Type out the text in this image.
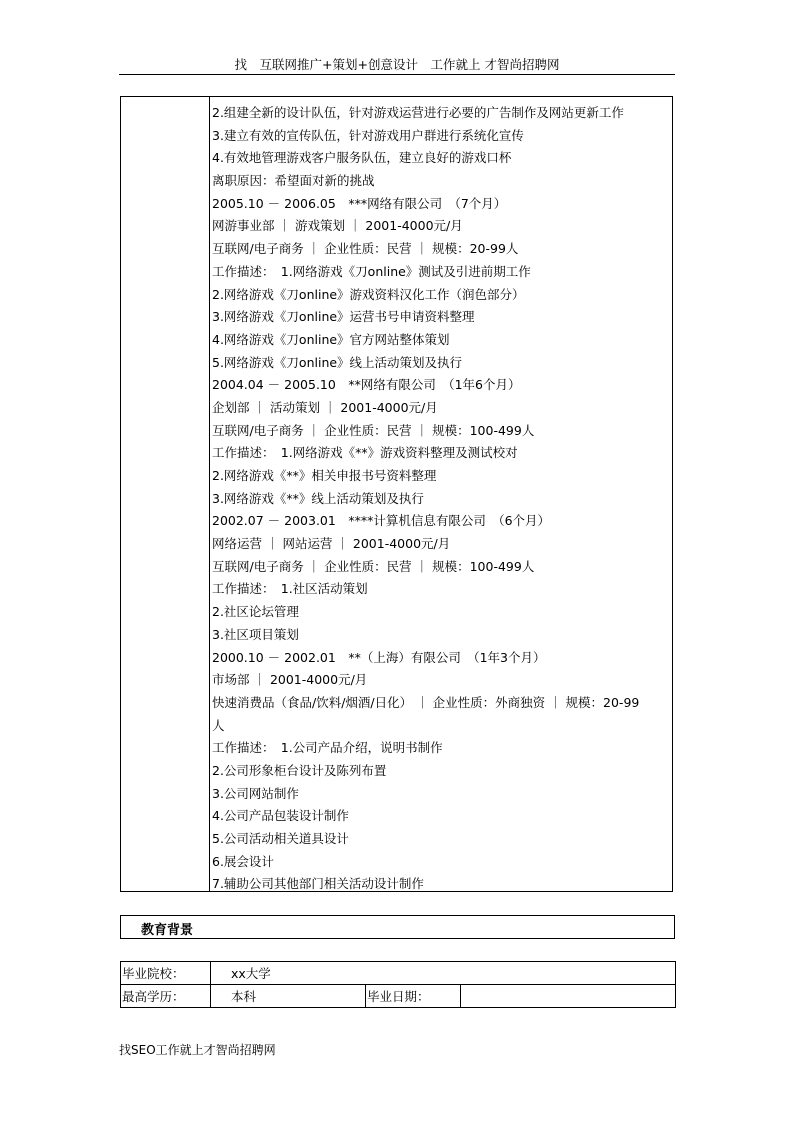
找　互联网推广+策划+创意设计　工作就上 才智尚招聘网
2.组建全新的设计队伍，针对游戏运营进行必要的广告制作及网站更新工作
3.建立有效的宣传队伍，针对游戏用户群进行系统化宣传
4.有效地管理游戏客户服务队伍，建立良好的游戏口杯
离职原因：希望面对新的挑战
2005.10 － 2006.05　***网络有限公司　（7个月）
网游事业部 ｜ 游戏策划 ｜ 2001-4000元/月
互联网/电子商务 ｜ 企业性质：民营 ｜ 规模：20-99人
工作描述：　1.网络游戏《刀online》测试及引进前期工作
2.网络游戏《刀online》游戏资料汉化工作（润色部分）
3.网络游戏《刀online》运营书号申请资料整理
4.网络游戏《刀online》官方网站整体策划
5.网络游戏《刀online》线上活动策划及执行
2004.04 － 2005.10　**网络有限公司　（1年6个月）
企划部 ｜ 活动策划 ｜ 2001-4000元/月
互联网/电子商务 ｜ 企业性质：民营 ｜ 规模：100-499人
工作描述：　1.网络游戏《**》游戏资料整理及测试校对
2.网络游戏《**》相关申报书号资料整理
3.网络游戏《**》线上活动策划及执行
2002.07 － 2003.01　****计算机信息有限公司　（6个月）
网络运营 ｜ 网站运营 ｜ 2001-4000元/月
互联网/电子商务 ｜ 企业性质：民营 ｜ 规模：100-499人
工作描述：　1.社区活动策划
2.社区论坛管理
3.社区项目策划
2000.10 － 2002.01　**（上海）有限公司　（1年3个月）
市场部 ｜ 2001-4000元/月
快速消费品（食品/饮料/烟酒/日化） ｜ 企业性质：外商独资 ｜ 规模：20-99
人
工作描述：　1.公司产品介绍，说明书制作
2.公司形象柜台设计及陈列布置
3.公司网站制作
4.公司产品包装设计制作
5.公司活动相关道具设计
6.展会设计
7.辅助公司其他部门相关活动设计制作
教育背景
毕业院校：	xx大学		
最高学历：	本科	毕业日期：	
找SEO工作就上才智尚招聘网
